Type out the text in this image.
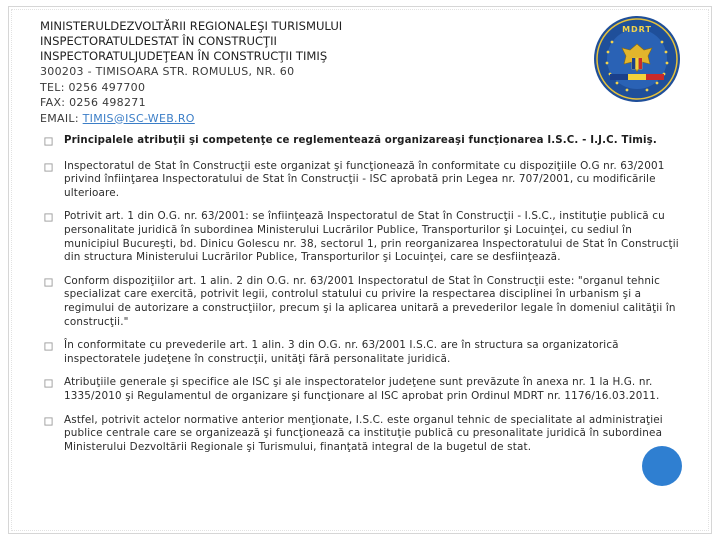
MINISTERULDEZVOLTĂRII REGIONALEŞI TURISMULUI
INSPECTORATULDESTAT ÎN CONSTRUCŢII
INSPECTORATULJUDEŢEAN ÎN CONSTRUCŢII TIMIŞ
300203 - TIMISOARA STR. ROMULUS, NR. 60
TEL: 0256 497700
FAX: 0256 498271
EMAIL: TIMIS@ISC-WEB.RO
MDRT
Principalele atribuţii şi competenţe ce reglementează organizareaşi funcţionarea I.S.C. - I.J.C. Timiş.
Inspectoratul de Stat în Construcţii este organizat şi funcţionează în conformitate cu dispoziţiile O.G nr. 63/2001 privind înfiinţarea Inspectoratului de Stat în Construcţii - ISC aprobată prin Legea nr. 707/2001, cu modificările ulterioare.
Potrivit art. 1 din O.G. nr. 63/2001: se înfiinţează Inspectoratul de Stat în Construcţii - I.S.C., instituţie publică cu personalitate juridică în subordinea Ministerului Lucrărilor Publice, Transporturilor şi Locuinţei, cu sediul în municipiul Bucureşti, bd. Dinicu Golescu nr. 38, sectorul 1, prin reorganizarea Inspectoratului de Stat în Construcţii din structura Ministerului Lucrărilor Publice, Transporturilor şi Locuinţei, care se desfiinţează.
Conform dispoziţiilor art. 1 alin. 2 din O.G. nr. 63/2001 Inspectoratul de Stat în Construcţii este: "organul tehnic specializat care exercită, potrivit legii, controlul statului cu privire la respectarea disciplinei în urbanism şi a regimului de autorizare a construcţiilor, precum şi la aplicarea unitară a prevederilor legale în domeniul calităţii în construcţii."
În conformitate cu prevederile art. 1 alin. 3 din O.G. nr. 63/2001 I.S.C. are în structura sa organizatorică inspectoratele judeţene în construcţii, unităţi fără personalitate juridică.
Atribuţiile generale şi specifice ale ISC şi ale inspectoratelor judeţene sunt prevăzute în anexa nr. 1 la H.G. nr. 1335/2010 şi Regulamentul de organizare şi funcţionare al ISC aprobat prin Ordinul MDRT nr. 1176/16.03.2011.
Astfel, potrivit actelor normative anterior menţionate, I.S.C. este organul tehnic de specialitate al administraţiei publice centrale care se organizează şi funcţionează ca instituţie publică cu presonalitate juridică în subordinea Ministerului Dezvoltării Regionale şi Turismului, finanţată integral de la bugetul de stat.
